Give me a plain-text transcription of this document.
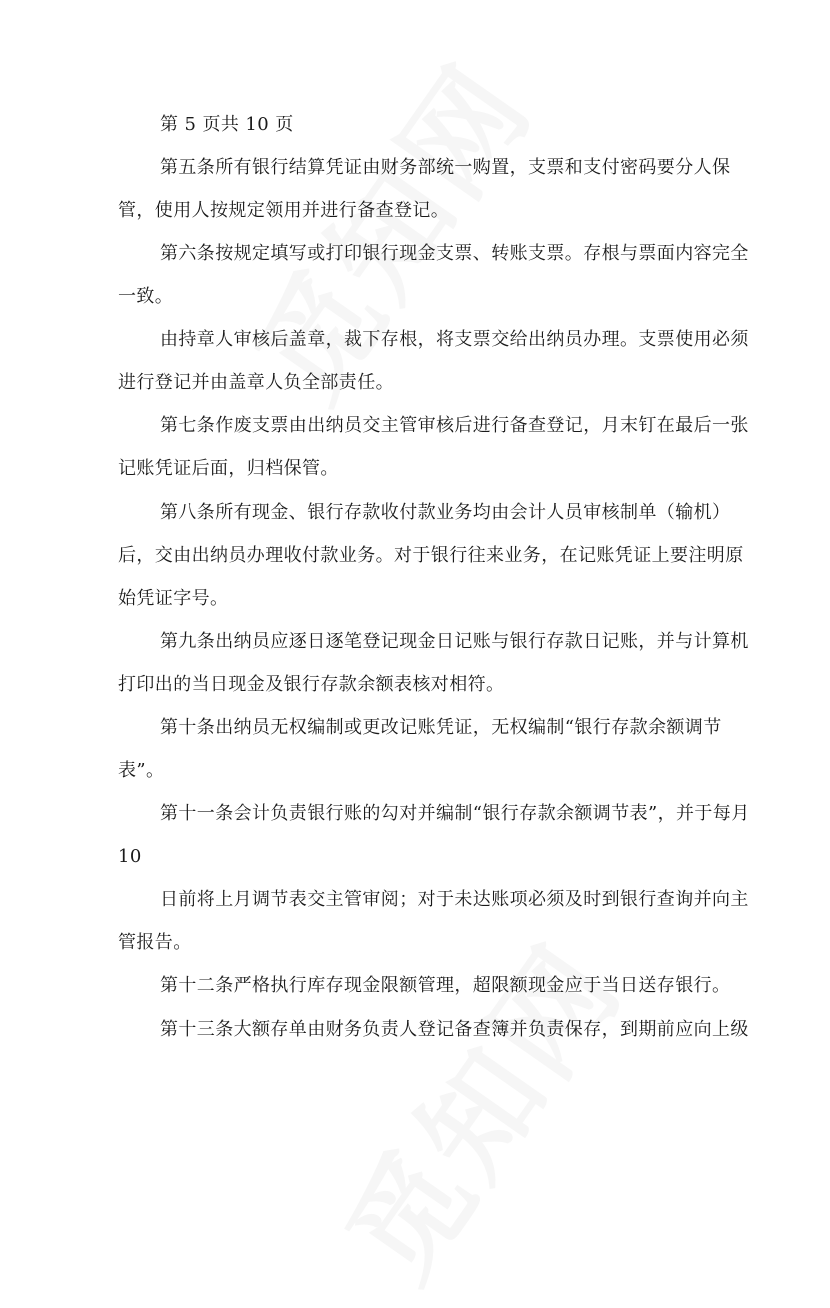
第 5 页共 10 页
第五条所有银行结算凭证由财务部统一购置，支票和支付密码要分人保
管，使用人按规定领用并进行备查登记。
第六条按规定填写或打印银行现金支票、转账支票。存根与票面内容完全
一致。
由持章人审核后盖章，裁下存根，将支票交给出纳员办理。支票使用必须
进行登记并由盖章人负全部责任。
第七条作废支票由出纳员交主管审核后进行备查登记，月末钉在最后一张
记账凭证后面，归档保管。
第八条所有现金、银行存款收付款业务均由会计人员审核制单（输机）
后，交由出纳员办理收付款业务。对于银行往来业务，在记账凭证上要注明原
始凭证字号。
第九条出纳员应逐日逐笔登记现金日记账与银行存款日记账，并与计算机
打印出的当日现金及银行存款余额表核对相符。
第十条出纳员无权编制或更改记账凭证，无权编制“银行存款余额调节
表”。
第十一条会计负责银行账的勾对并编制“银行存款余额调节表”，并于每月
10
日前将上月调节表交主管审阅；对于未达账项必须及时到银行查询并向主
管报告。
第十二条严格执行库存现金限额管理，超限额现金应于当日送存银行。
第十三条大额存单由财务负责人登记备查簿并负责保存，到期前应向上级
